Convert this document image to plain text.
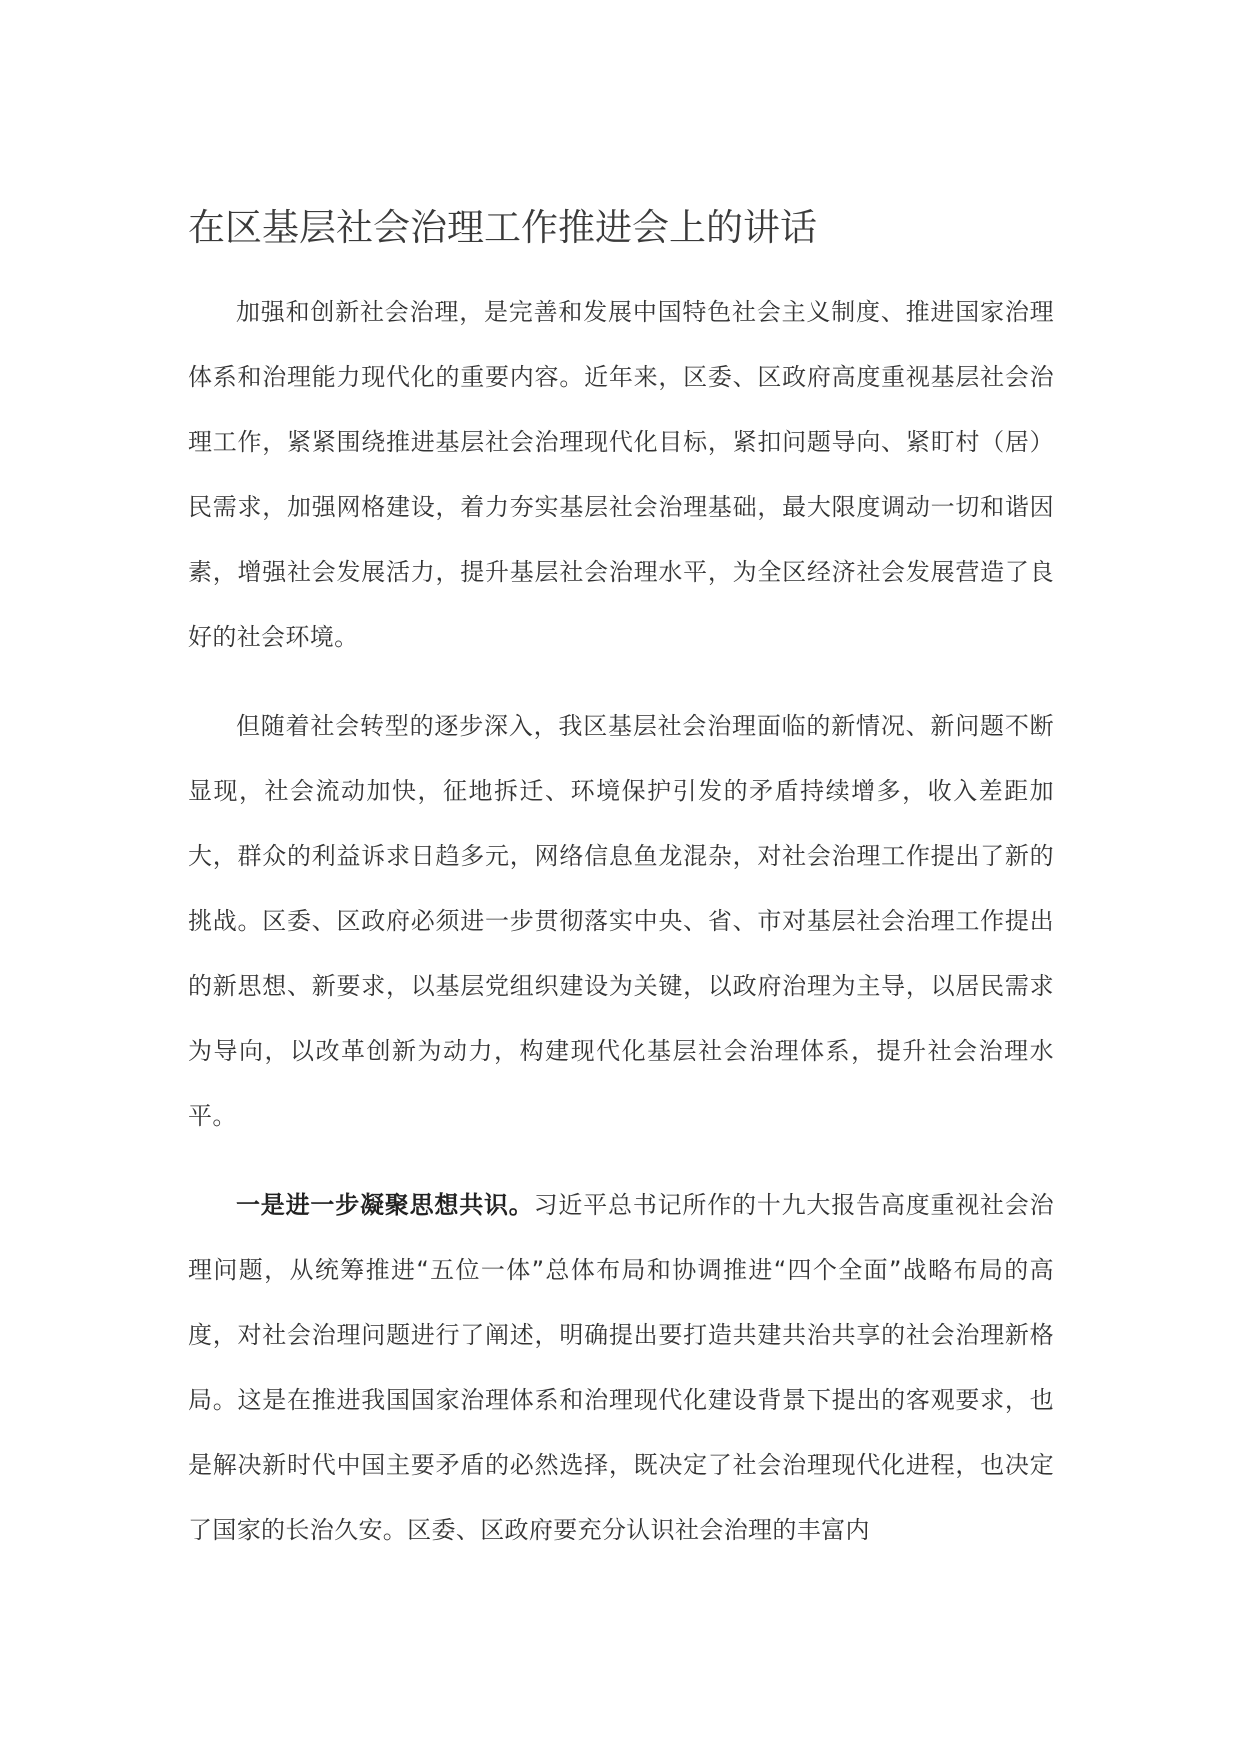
在区基层社会治理工作推进会上的讲话

加强和创新社会治理，是完善和发展中国特色社会主义制度、推进国家治理体系和治理能力现代化的重要内容。近年来，区委、区政府高度重视基层社会治理工作，紧紧围绕推进基层社会治理现代化目标，紧扣问题导向、紧盯村（居）民需求，加强网格建设，着力夯实基层社会治理基础，最大限度调动一切和谐因素，增强社会发展活力，提升基层社会治理水平，为全区经济社会发展营造了良好的社会环境。

但随着社会转型的逐步深入，我区基层社会治理面临的新情况、新问题不断显现，社会流动加快，征地拆迁、环境保护引发的矛盾持续增多，收入差距加大，群众的利益诉求日趋多元，网络信息鱼龙混杂，对社会治理工作提出了新的挑战。区委、区政府必须进一步贯彻落实中央、省、市对基层社会治理工作提出的新思想、新要求，以基层党组织建设为关键，以政府治理为主导，以居民需求为导向，以改革创新为动力，构建现代化基层社会治理体系，提升社会治理水平。

一是进一步凝聚思想共识。习近平总书记所作的十九大报告高度重视社会治理问题，从统筹推进“五位一体”总体布局和协调推进“四个全面”战略布局的高度，对社会治理问题进行了阐述，明确提出要打造共建共治共享的社会治理新格局。这是在推进我国国家治理体系和治理现代化建设背景下提出的客观要求，也是解决新时代中国主要矛盾的必然选择，既决定了社会治理现代化进程，也决定了国家的长治久安。区委、区政府要充分认识社会治理的丰富内
